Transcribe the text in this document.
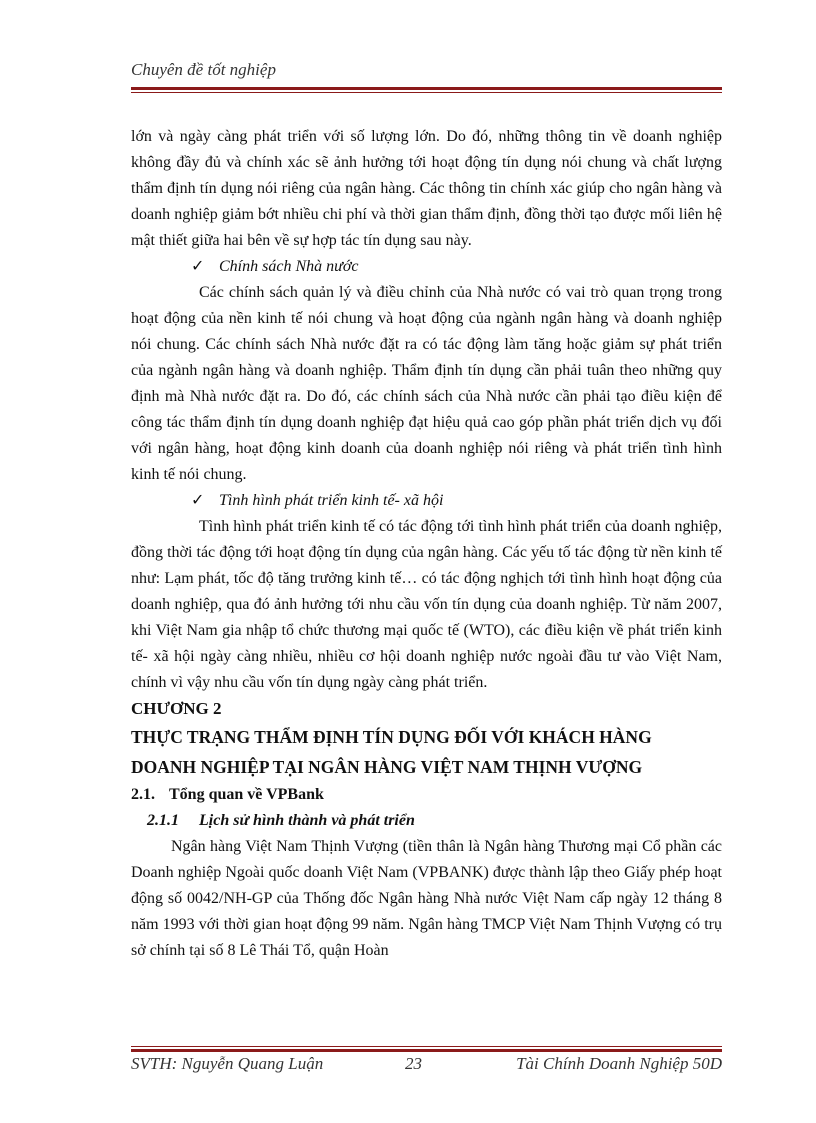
Chuyên đề tốt nghiệp

lớn và ngày càng phát triển với số lượng lớn. Do đó, những thông tin về doanh nghiệp không đầy đủ và chính xác sẽ ảnh hưởng tới hoạt động tín dụng nói chung và chất lượng thẩm định tín dụng nói riêng của ngân hàng. Các thông tin chính xác giúp cho ngân hàng và doanh nghiệp giảm bớt nhiều chi phí và thời gian thẩm định, đồng thời tạo được mối liên hệ mật thiết giữa hai bên về sự hợp tác tín dụng sau này.

✓ Chính sách Nhà nước

Các chính sách quản lý và điều chỉnh của Nhà nước có vai trò quan trọng trong hoạt động của nền kinh tế nói chung và hoạt động của ngành ngân hàng và doanh nghiệp nói chung. Các chính sách Nhà nước đặt ra có tác động làm tăng hoặc giảm sự phát triển của ngành ngân hàng và doanh nghiệp. Thẩm định tín dụng cần phải tuân theo những quy định mà Nhà nước đặt ra. Do đó, các chính sách của Nhà nước cần phải tạo điều kiện để công tác thẩm định tín dụng doanh nghiệp đạt hiệu quả cao góp phần phát triển dịch vụ đối với ngân hàng, hoạt động kinh doanh của doanh nghiệp nói riêng và phát triển tình hình kinh tế nói chung.

✓ Tình hình phát triển kinh tế- xã hội

Tình hình phát triển kinh tế có tác động tới tình hình phát triển của doanh nghiệp, đồng thời tác động tới hoạt động tín dụng của ngân hàng. Các yếu tố tác động từ nền kinh tế như: Lạm phát, tốc độ tăng trưởng kinh tế… có tác động nghịch tới tình hình hoạt động của doanh nghiệp, qua đó ảnh hưởng tới nhu cầu vốn tín dụng của doanh nghiệp. Từ năm 2007, khi Việt Nam gia nhập tổ chức thương mại quốc tế (WTO), các điều kiện về phát triển kinh tế- xã hội ngày càng nhiều, nhiều cơ hội doanh nghiệp nước ngoài đầu tư vào Việt Nam, chính vì vậy nhu cầu vốn tín dụng ngày càng phát triển.

CHƯƠNG 2

THỰC TRẠNG THẨM ĐỊNH TÍN DỤNG ĐỐI VỚI KHÁCH HÀNG

DOANH NGHIỆP TẠI NGÂN HÀNG VIỆT NAM THỊNH VƯỢNG

2.1. Tổng quan về VPBank

2.1.1 Lịch sử hình thành và phát triển

Ngân hàng Việt Nam Thịnh Vượng (tiền thân là Ngân hàng Thương mại Cổ phần các Doanh nghiệp Ngoài quốc doanh Việt Nam (VPBANK) được thành lập theo Giấy phép hoạt động số 0042/NH-GP của Thống đốc Ngân hàng Nhà nước Việt Nam cấp ngày 12 tháng 8 năm 1993 với thời gian hoạt động 99 năm. Ngân hàng TMCP Việt Nam Thịnh Vượng có trụ sở chính tại số 8 Lê Thái Tổ, quận Hoàn

SVTH: Nguyễn Quang Luận	23	Tài Chính Doanh Nghiệp 50D
